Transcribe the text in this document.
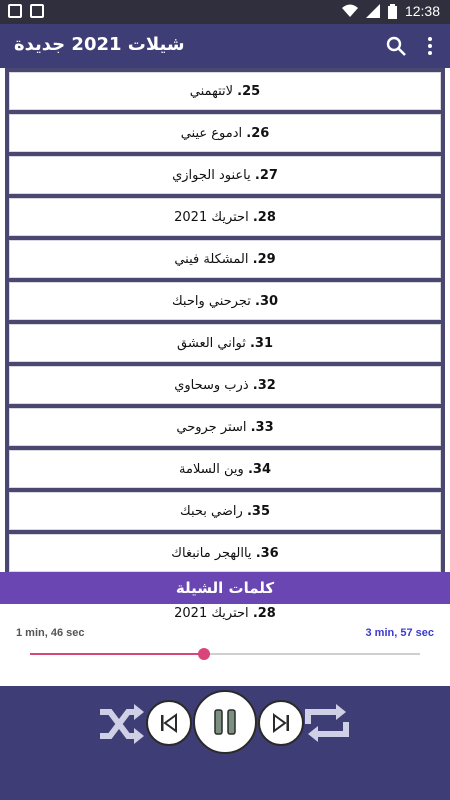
12:38
شيلات 2021 جديدة
25.

لاتتهمني
26.

ادموع عيني
27.

ياعنود الجوازي
28.

احتريك 2021
29.

المشكلة فيني
30.

تجرحني واحبك
31.

ثواني العشق
32.

ذرب وسحاوي
33.

استر جروحي
34.

وين السلامة
35.

راضي بحبك
36.

ياالهجر مانبغاك
كلمات الشيلة
28. احتريك 2021
1 min, 46 sec	3 min, 57 sec
